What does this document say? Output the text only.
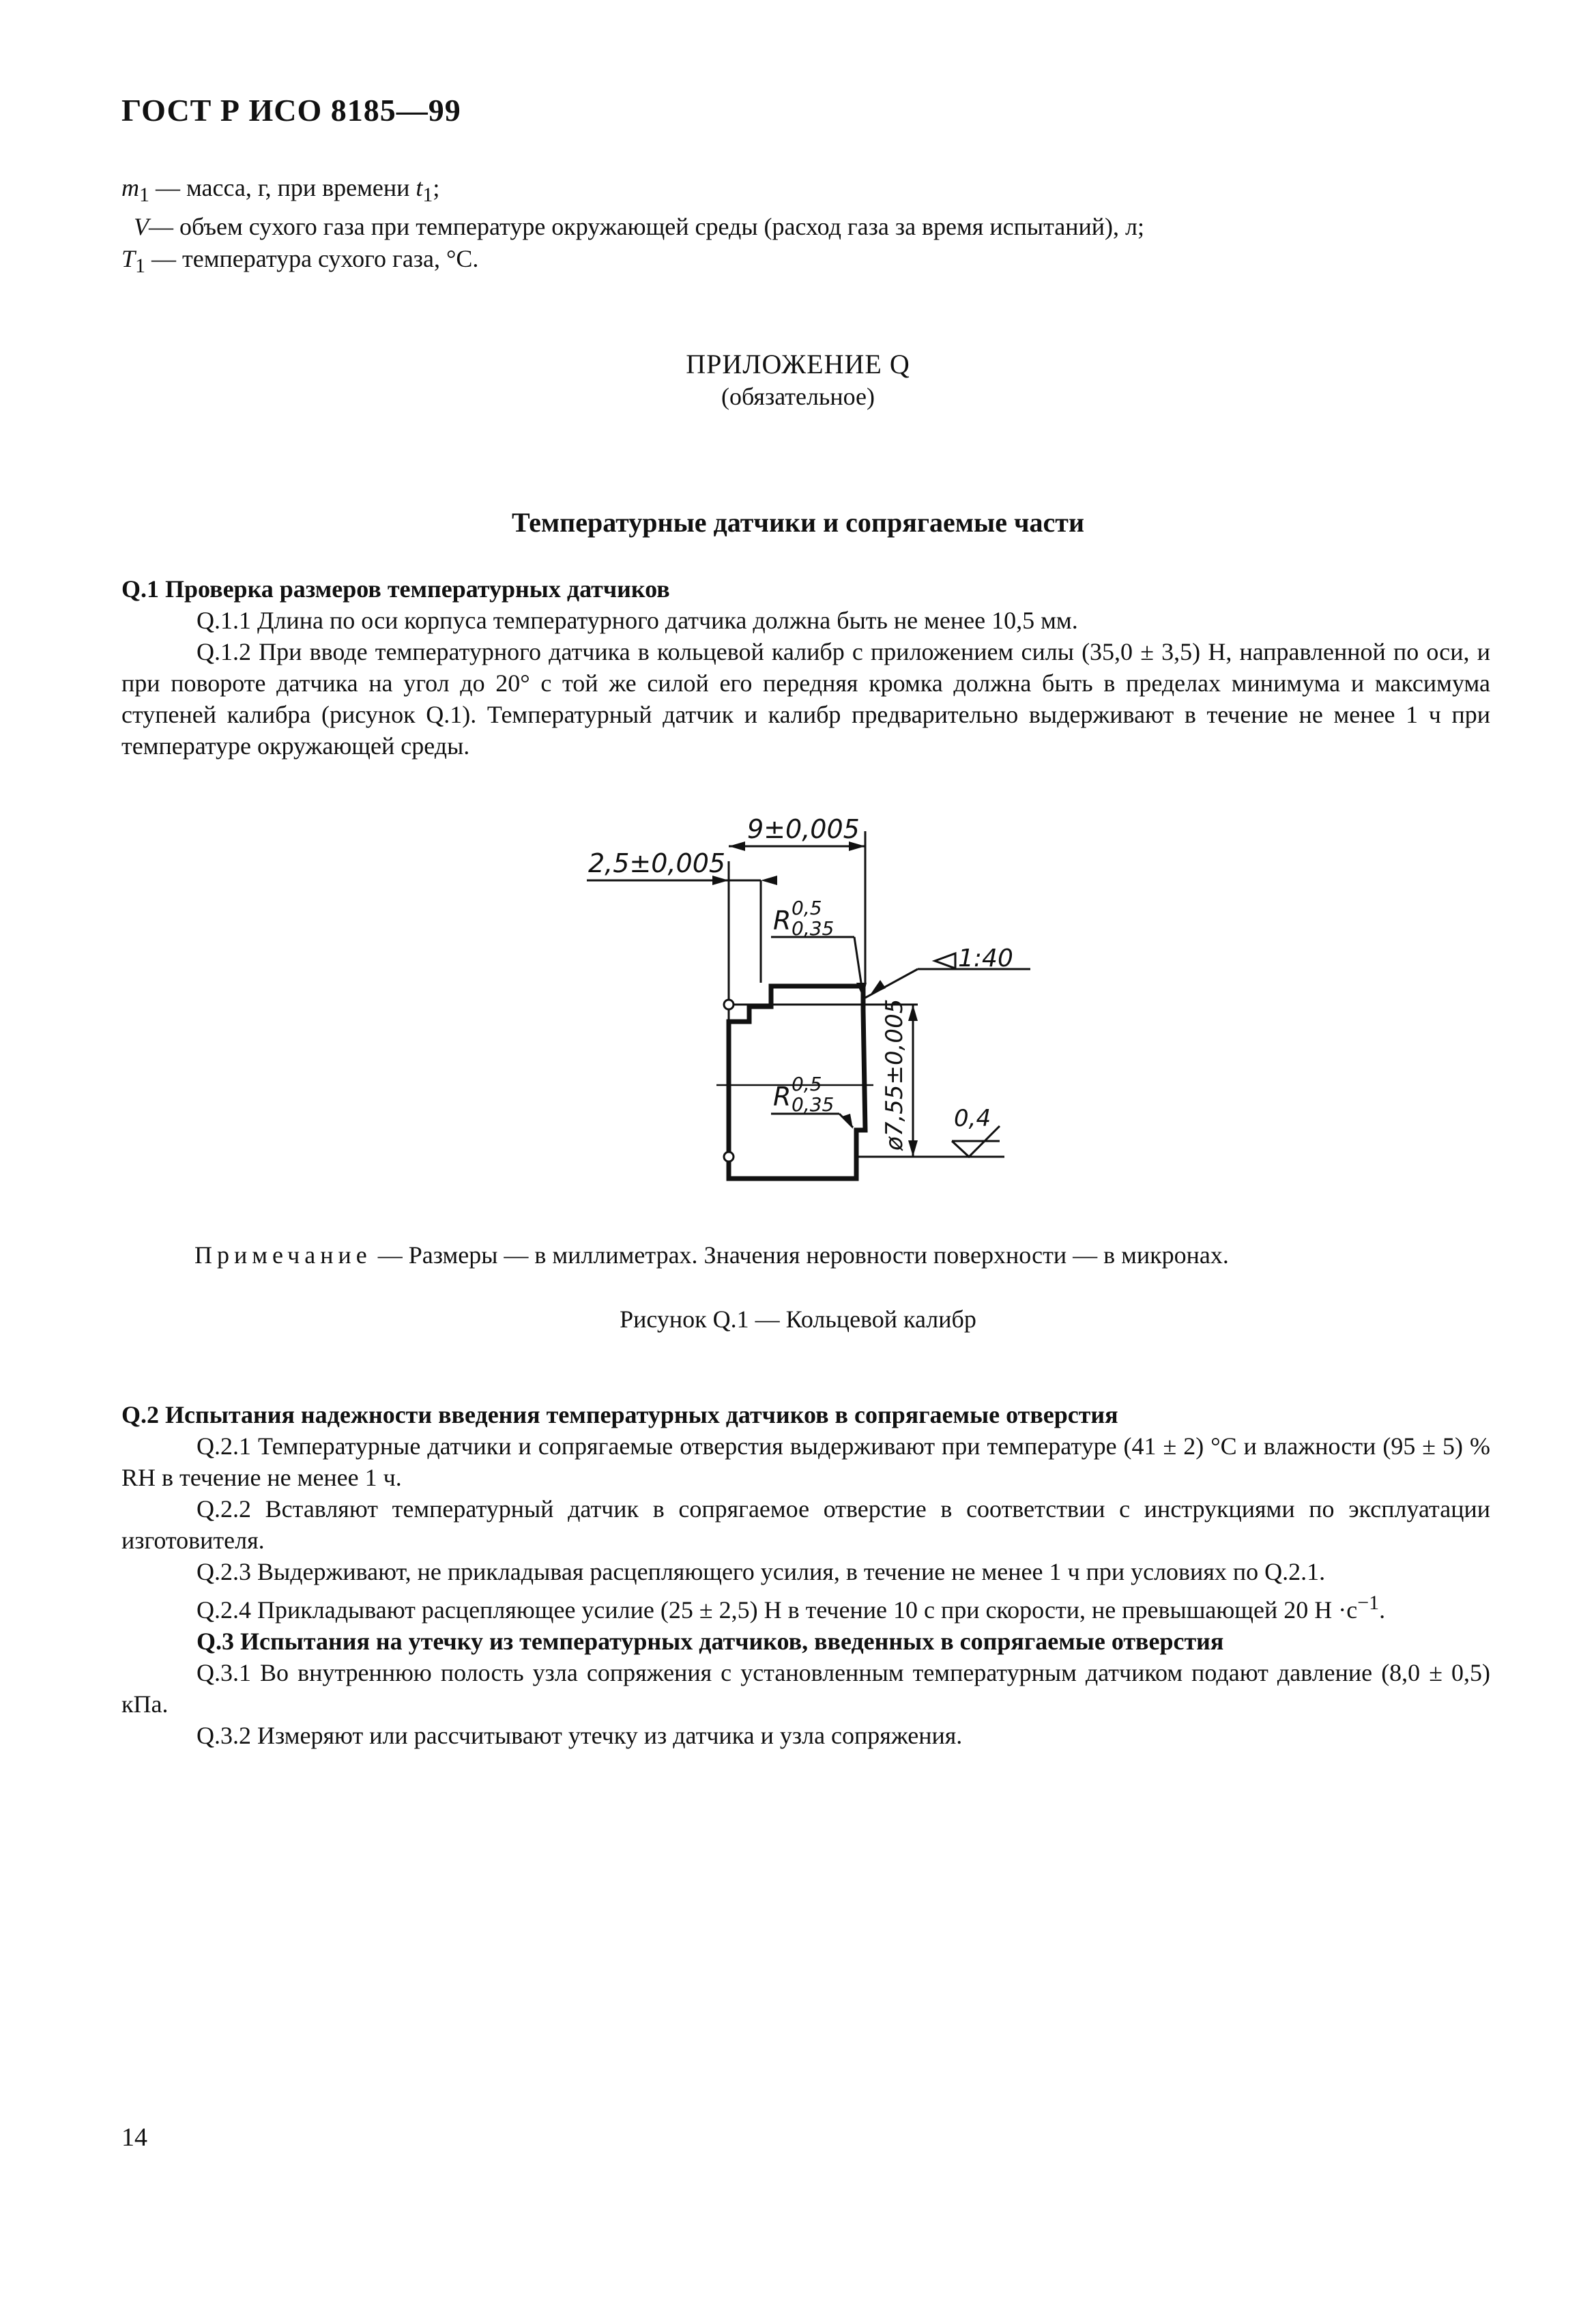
ГОСТ Р ИСО 8185—99
$m_1$ — масса, г, при времени $t_1$;
V— объем сухого газа при температуре окружающей среды (расход газа за время испытаний), л;
$T_1$ — температура сухого газа, °С.
ПРИЛОЖЕНИЕ Q
(обязательное)
Температурные датчики и сопрягаемые части
Q.1 Проверка размеров температурных датчиков
Q.1.1 Длина по оси корпуса температурного датчика должна быть не менее 10,5 мм.
Q.1.2 При вводе температурного датчика в кольцевой калибр с приложением силы (35,0 ± 3,5) Н, направленной по оси, и при повороте датчика на угол до 20° с той же силой его передняя кромка должна быть в пределах минимума и максимума ступеней калибра (рисунок Q.1). Температурный датчик и калибр предварительно выдерживают в течение не менее 1 ч при температуре окружающей среды.
9±0,005
2,5±0,005
R 0,5
0,35
R 0,5
0,35
1:40
ø7,55±0,005 0,4
Примечание — Размеры — в миллиметрах. Значения неровности поверхности — в микронах.
Рисунок Q.1 — Кольцевой калибр
Q.2 Испытания надежности введения температурных датчиков в сопрягаемые отверстия
Q.2.1 Температурные датчики и сопрягаемые отверстия выдерживают при температуре (41 ± 2) °С и влажности (95 ± 5) % RH в течение не менее 1 ч.
Q.2.2 Вставляют температурный датчик в сопрягаемое отверстие в соответствии с инструкциями по эксплуатации изготовителя.
Q.2.3 Выдерживают, не прикладывая расцепляющего усилия, в течение не менее 1 ч при условиях по Q.2.1.
Q.2.4 Прикладывают расцепляющее усилие (25 ± 2,5) Н в течение 10 с при скорости, не превышающей 20 $Н \cdot с^{-1}$.
Q.3 Испытания на утечку из температурных датчиков, введенных в сопрягаемые отверстия
Q.3.1 Во внутреннюю полость узла сопряжения с установленным температурным датчиком подают давление (8,0 ± 0,5) кПа.
Q.3.2 Измеряют или рассчитывают утечку из датчика и узла сопряжения.
14
